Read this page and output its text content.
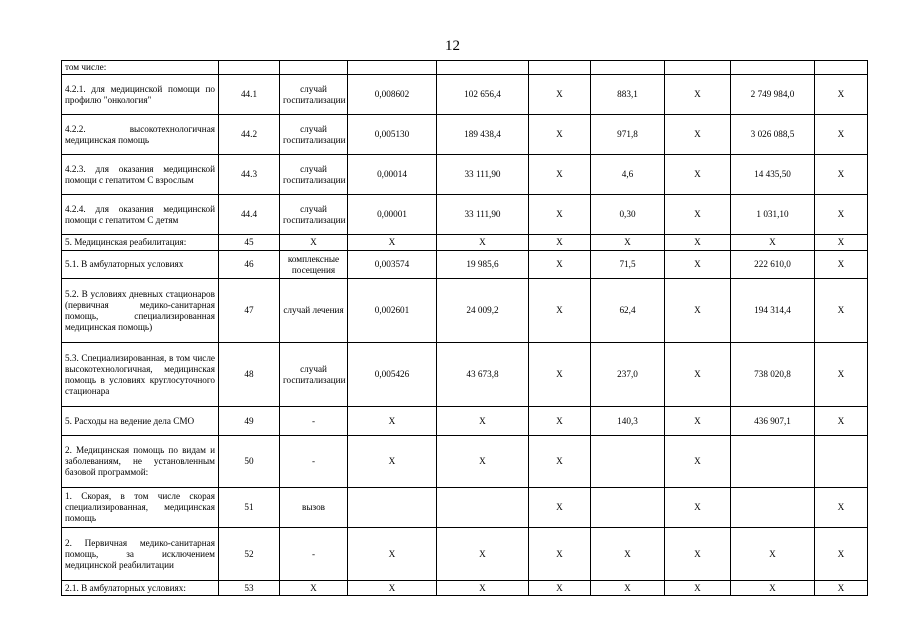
12
том числе:									
4.2.1. для медицинской помощи по профилю "онкология"	44.1	случай госпитализации	0,008602	102 656,4	Х	883,1	Х	2 749 984,0	Х
4.2.2. высокотехнологичная медицинская помощь	44.2	случай госпитализации	0,005130	189 438,4	Х	971,8	Х	3 026 088,5	Х
4.2.3. для оказания медицинской помощи с гепатитом С взрослым	44.3	случай госпитализации	0,00014	33 111,90	Х	4,6	Х	14 435,50	Х
4.2.4. для оказания медицинской помощи с гепатитом С детям	44.4	случай госпитализации	0,00001	33 111,90	Х	0,30	Х	1 031,10	Х
5. Медицинская реабилитация:	45	Х	Х	Х	Х	Х	Х	Х	Х
5.1. В амбулаторных условиях	46	комплексные посещения	0,003574	19 985,6	Х	71,5	Х	222 610,0	Х
5.2. В условиях дневных стационаров (первичная медико-санитарная помощь, специализированная медицинская помощь)	47	случай лечения	0,002601	24 009,2	Х	62,4	Х	194 314,4	Х
5.3. Специализированная, в том числе высокотехнологичная, медицинская помощь в условиях круглосуточного стационара	48	случай госпитализации	0,005426	43 673,8	Х	237,0	Х	738 020,8	Х
5. Расходы на ведение дела СМО	49	-	Х	Х	Х	140,3	Х	436 907,1	Х
2. Медицинская помощь по видам и заболеваниям, не установленным базовой программой:	50	-	Х	Х	Х		Х		
1. Скорая, в том числе скорая специализированная, медицинская помощь	51	вызов			Х		Х		Х
2. Первичная медико-санитарная помощь, за исключением медицинской реабилитации	52	-	Х	Х	Х	Х	Х	Х	Х
2.1. В амбулаторных условиях:	53	Х	Х	Х	Х	Х	Х	Х	Х
